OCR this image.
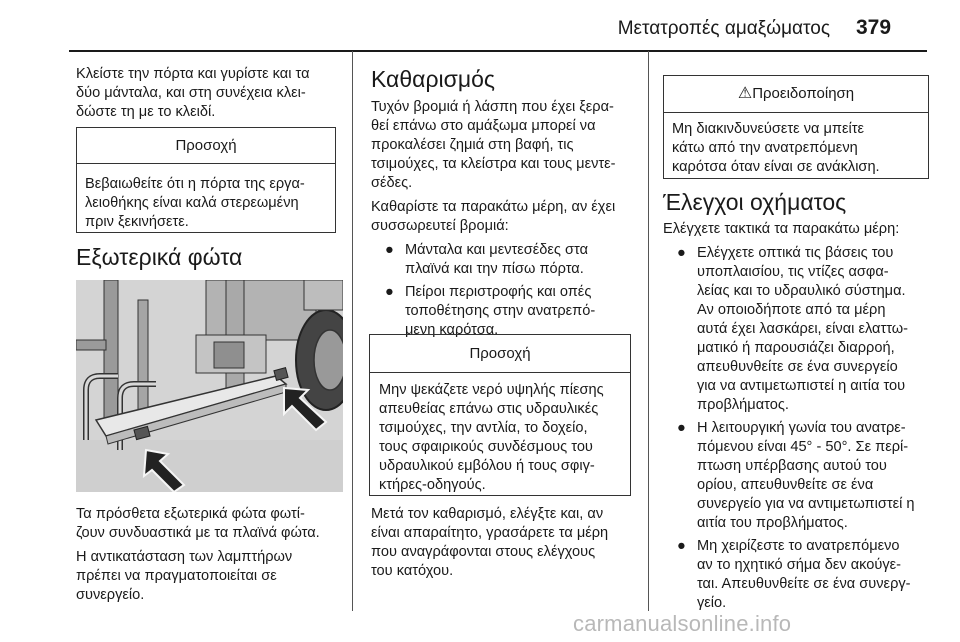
Μετατροπές αμαξώματος 379

Κλείστε την πόρτα και γυρίστε και τα

δύο μάνταλα, και στη συνέχεια κλει-

δώστε τη με το κλειδί.

Προσοχή

Βεβαιωθείτε ότι η πόρτα της εργα-

λειοθήκης είναι καλά στερεωμένη

πριν ξεκινήσετε.

Εξωτερικά φώτα

Τα πρόσθετα εξωτερικά φώτα φωτί-

ζουν συνδυαστικά με τα πλαϊνά φώτα.

Η αντικατάσταση των λαμπτήρων

πρέπει να πραγματοποιείται σε

συνεργείο.

Καθαρισμός

Τυχόν βρομιά ή λάσπη που έχει ξερα-

θεί επάνω στο αμάξωμα μπορεί να

προκαλέσει ζημιά στη βαφή, τις

τσιμούχες, τα κλείστρα και τους μεντε-

σέδες.

Καθαρίστε τα παρακάτω μέρη, αν έχει

συσσωρευτεί βρομιά:

● Μάνταλα και μεντεσέδες στα

πλαϊνά και την πίσω πόρτα.

● Πείροι περιστροφής και οπές

τοποθέτησης στην ανατρεπό-

μενη καρότσα.

Προσοχή

Μην ψεκάζετε νερό υψηλής πίεσης

απευθείας επάνω στις υδραυλικές

τσιμούχες, την αντλία, το δοχείο,

τους σφαιρικούς συνδέσμους του

υδραυλικού εμβόλου ή τους σφιγ-

κτήρες-οδηγούς.

Μετά τον καθαρισμό, ελέγξτε και, αν

είναι απαραίτητο, γρασάρετε τα μέρη

που αναγράφονται στους ελέγχους

του κατόχου.

⚠Προειδοποίηση

Μη διακινδυνεύσετε να μπείτε

κάτω από την ανατρεπόμενη

καρότσα όταν είναι σε ανάκλιση.

Έλεγχοι οχήματος

Ελέγχετε τακτικά τα παρακάτω μέρη:

● Ελέγχετε οπτικά τις βάσεις του

υποπλαισίου, τις ντίζες ασφα-

λείας και το υδραυλικό σύστημα.

Αν οποιοδήποτε από τα μέρη

αυτά έχει λασκάρει, είναι ελαττω-

ματικό ή παρουσιάζει διαρροή,

απευθυνθείτε σε ένα συνεργείο

για να αντιμετωπιστεί η αιτία του

προβλήματος.

● Η λειτουργική γωνία του ανατρε-

πόμενου είναι 45° - 50°. Σε περί-

πτωση υπέρβασης αυτού του

ορίου, απευθυνθείτε σε ένα

συνεργείο για να αντιμετωπιστεί η

αιτία του προβλήματος.

● Μη χειρίζεστε το ανατρεπόμενο

αν το ηχητικό σήμα δεν ακούγε-

ται. Απευθυνθείτε σε ένα συνεργ-

γείο.

carmanualsonline.info
